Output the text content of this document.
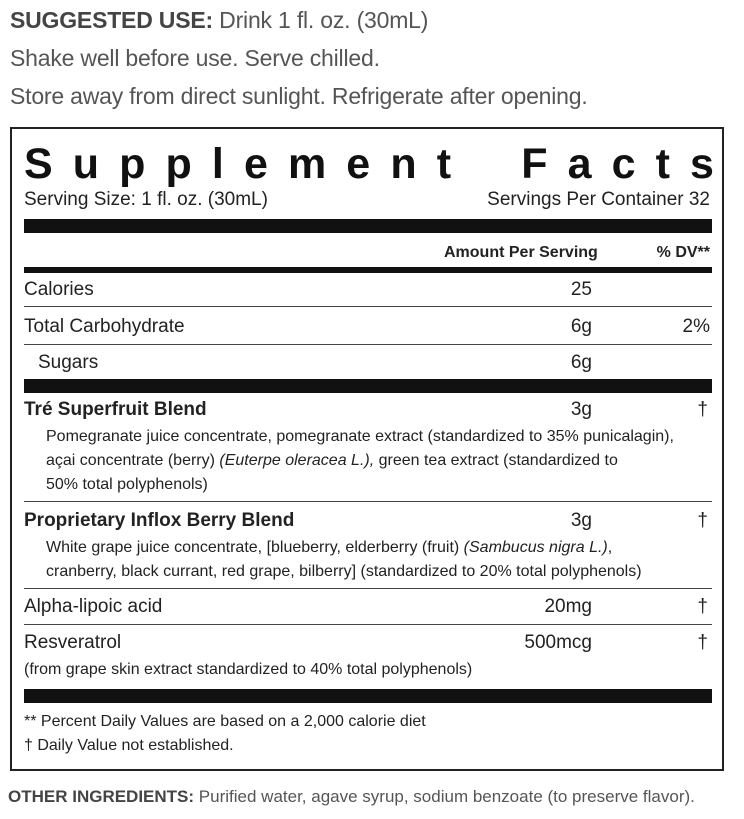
SUGGESTED USE: Drink 1 fl. oz. (30mL)
Shake well before use. Serve chilled.
Store away from direct sunlight. Refrigerate after opening.
S u p p l e m e n t F a c t s
Serving Size: 1 fl. oz. (30mL)	Servings Per Container 32
Amount Per Serving	% DV**
Calories	25
Total Carbohydrate	6g	2%
Sugars	6g
Tré Superfruit Blend	3g	†
Pomegranate juice concentrate, pomegranate extract (standardized to 35% punicalagin),
açai concentrate (berry) (Euterpe oleracea L.), green tea extract (standardized to
50% total polyphenols)
Proprietary Inflox Berry Blend	3g	†
White grape juice concentrate, [blueberry, elderberry (fruit) (Sambucus nigra L.),
cranberry, black currant, red grape, bilberry] (standardized to 20% total polyphenols)
Alpha-lipoic acid	20mg	†
Resveratrol	500mcg	†
(from grape skin extract standardized to 40% total polyphenols)
** Percent Daily Values are based on a 2,000 calorie diet
† Daily Value not established.
OTHER INGREDIENTS: Purified water, agave syrup, sodium benzoate (to preserve flavor).
